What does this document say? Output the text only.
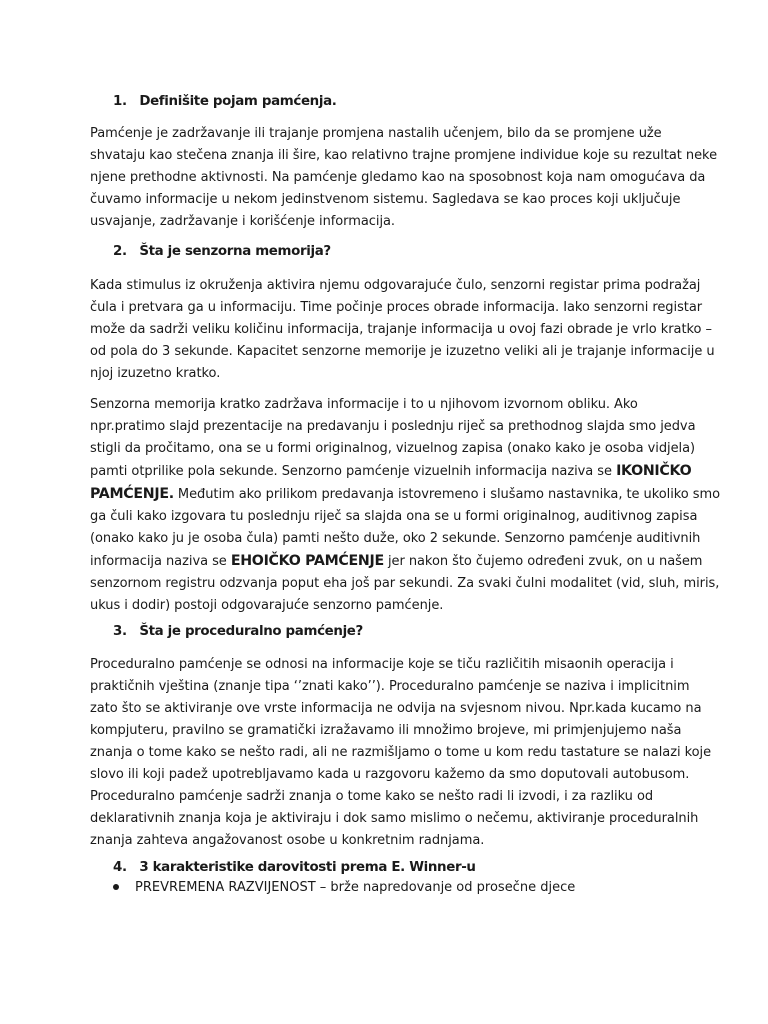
1. Definišite pojam pamćenja.
Pamćenje je zadržavanje ili trajanje promjena nastalih učenjem, bilo da se promjene uže
shvataju kao stečena znanja ili šire, kao relativno trajne promjene individue koje su rezultat neke
njene prethodne aktivnosti. Na pamćenje gledamo kao na sposobnost koja nam omogućava da
čuvamo informacije u nekom jedinstvenom sistemu. Sagledava se kao proces koji uključuje
usvajanje, zadržavanje i korišćenje informacija.
2. Šta je senzorna memorija?
Kada stimulus iz okruženja aktivira njemu odgovarajuće čulo, senzorni registar prima podražaj
čula i pretvara ga u informaciju. Time počinje proces obrade informacija. Iako senzorni registar
može da sadrži veliku količinu informacija, trajanje informacija u ovoj fazi obrade je vrlo kratko –
od pola do 3 sekunde. Kapacitet senzorne memorije je izuzetno veliki ali je trajanje informacije u
njoj izuzetno kratko.
Senzorna memorija kratko zadržava informacije i to u njihovom izvornom obliku. Ako
npr.pratimo slajd prezentacije na predavanju i poslednju riječ sa prethodnog slajda smo jedva
stigli da pročitamo, ona se u formi originalnog, vizuelnog zapisa (onako kako je osoba vidjela)
pamti otprilike pola sekunde. Senzorno pamćenje vizuelnih informacija naziva se IKONIČKO
PAMĆENJE. Međutim ako prilikom predavanja istovremeno i slušamo nastavnika, te ukoliko smo
ga čuli kako izgovara tu poslednju riječ sa slajda ona se u formi originalnog, auditivnog zapisa
(onako kako ju je osoba čula) pamti nešto duže, oko 2 sekunde. Senzorno pamćenje auditivnih
informacija naziva se EHOIČKO PAMĆENJE jer nakon što čujemo određeni zvuk, on u našem
senzornom registru odzvanja poput eha još par sekundi. Za svaki čulni modalitet (vid, sluh, miris,
ukus i dodir) postoji odgovarajuće senzorno pamćenje.
3. Šta je proceduralno pamćenje?
Proceduralno pamćenje se odnosi na informacije koje se tiču različitih misaonih operacija i
praktičnih vještina (znanje tipa ‘’znati kako’’). Proceduralno pamćenje se naziva i implicitnim
zato što se aktiviranje ove vrste informacija ne odvija na svjesnom nivou. Npr.kada kucamo na
kompjuteru, pravilno se gramatički izražavamo ili množimo brojeve, mi primjenjujemo naša
znanja o tome kako se nešto radi, ali ne razmišljamo o tome u kom redu tastature se nalazi koje
slovo ili koji padež upotrebljavamo kada u razgovoru kažemo da smo doputovali autobusom.
Proceduralno pamćenje sadrži znanja o tome kako se nešto radi li izvodi, i za razliku od
deklarativnih znanja koja je aktiviraju i dok samo mislimo o nečemu, aktiviranje proceduralnih
znanja zahteva angažovanost osobe u konkretnim radnjama.
4. 3 karakteristike darovitosti prema E. Winner-u
PREVREMENA RAZVIJENOST – brže napredovanje od prosečne djece
